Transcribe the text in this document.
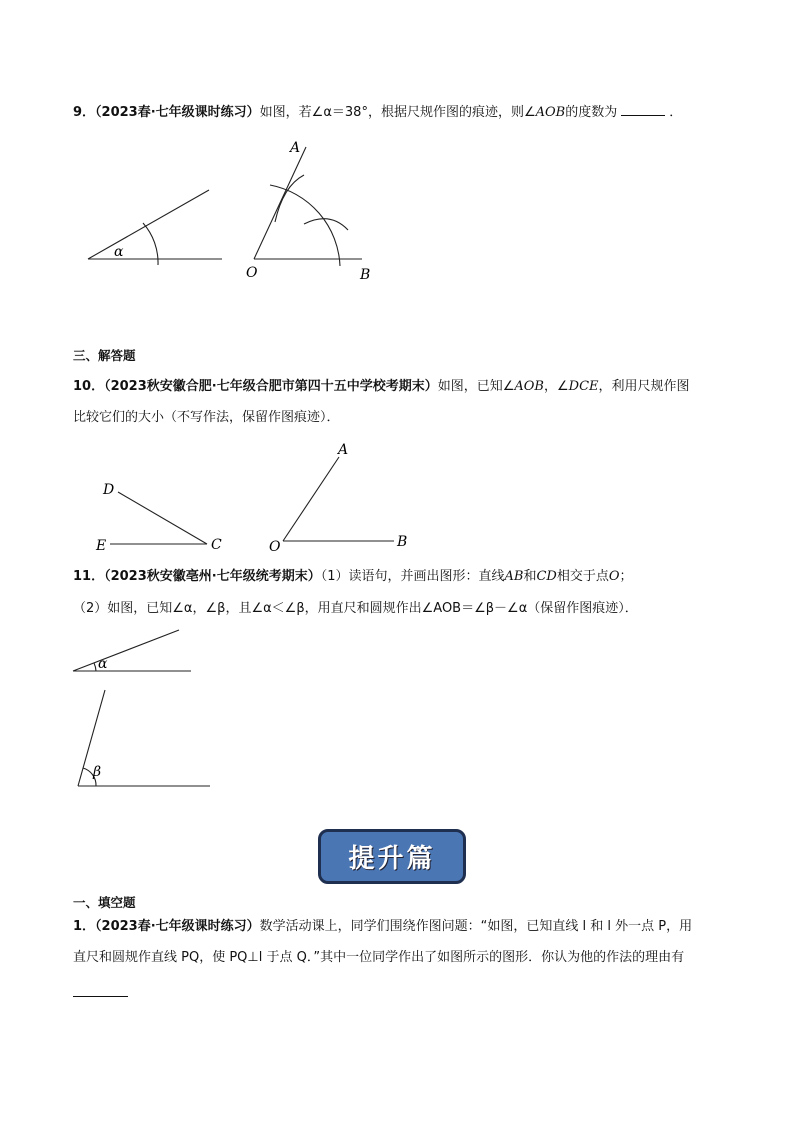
9．（2023春·七年级课时练习）如图，若∠α＝38°，根据尺规作图的痕迹，则∠AOB的度数为	．
α
A
O	B
三、解答题
10．（2023秋安徽合肥·七年级合肥市第四十五中学校考期末）如图，已知∠AOB，∠DCE，利用尺规作图
比较它们的大小（不写作法，保留作图痕迹）．
D
E	C
A
O	B
11．（2023秋安徽亳州·七年级统考期末）（1）读语句，并画出图形：直线AB和CD相交于点O；
（2）如图，已知∠α，∠β，且∠α＜∠β，用直尺和圆规作出∠AOB＝∠β－∠α（保留作图痕迹）．
α
β
提升篇
一、填空题
1．（2023春·七年级课时练习）数学活动课上，同学们围绕作图问题：“如图，已知直线 l 和 l 外一点 P，用
直尺和圆规作直线 PQ，使 PQ⊥l 于点 Q．”其中一位同学作出了如图所示的图形．你认为他的作法的理由有
